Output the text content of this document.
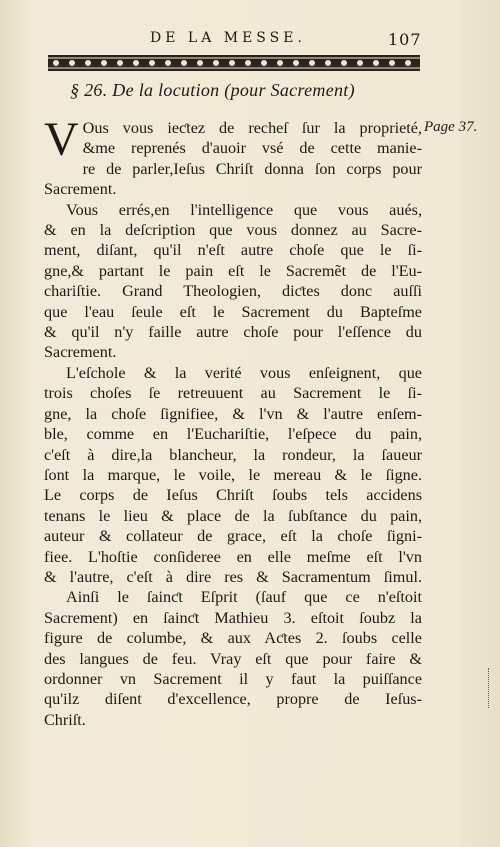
DE LA MESSE.	107
§ 26. De la locution (pour Sacrement)
Page 37.
V Ous vous ieƈtez de recheſ ſur la proprieté,
&me reprenés d'auoir vsé de cette manie-
re de parler,Ieſus Chriſt donna ſon corps pour
Sacrement.
Vous errés,en l'intelligence que vous aués,
& en la deſcription que vous donnez au Sacre-
ment, diſant, qu'il n'eſt autre choſe que le ſi-
gne,& partant le pain eſt le Sacremẽt de l'Eu-
chariſtie. Grand Theologien, diƈtes donc auſſi
que l'eau ſeule eſt le Sacrement du Bapteſme
& qu'il n'y faille autre choſe pour l'eſſence du
Sacrement.
L'eſchole & la verité vous enſeignent, que
trois choſes ſe retreuuent au Sacrement le ſi-
gne, la choſe ſignifiee, & l'vn & l'autre enſem-
ble, comme en l'Euchariſtie, l'eſpece du pain,
c'eſt à dire,la blancheur, la rondeur, la ſaueur
ſont la marque, le voile, le mereau & le ſigne.
Le corps de Ieſus Chriſt ſoubs tels accidens
tenans le lieu & place de la ſubſtance du pain,
auteur & collateur de grace, eſt la choſe ſigni-
fiee. L'hoſtie conſideree en elle meſme eſt l'vn
& l'autre, c'eſt à dire res & Sacramentum ſimul.
Ainſi le ſainƈt Eſprit (ſauf que ce n'eſtoit
Sacrement) en ſainƈt Mathieu 3. eſtoit ſoubz la
figure de columbe, & aux Aƈtes 2. ſoubs celle
des langues de feu. Vray eſt que pour faire &
ordonner vn Sacrement il y faut la puiſſance
qu'ilz diſent d'excellence, propre de Ieſus-
Chriſt.
